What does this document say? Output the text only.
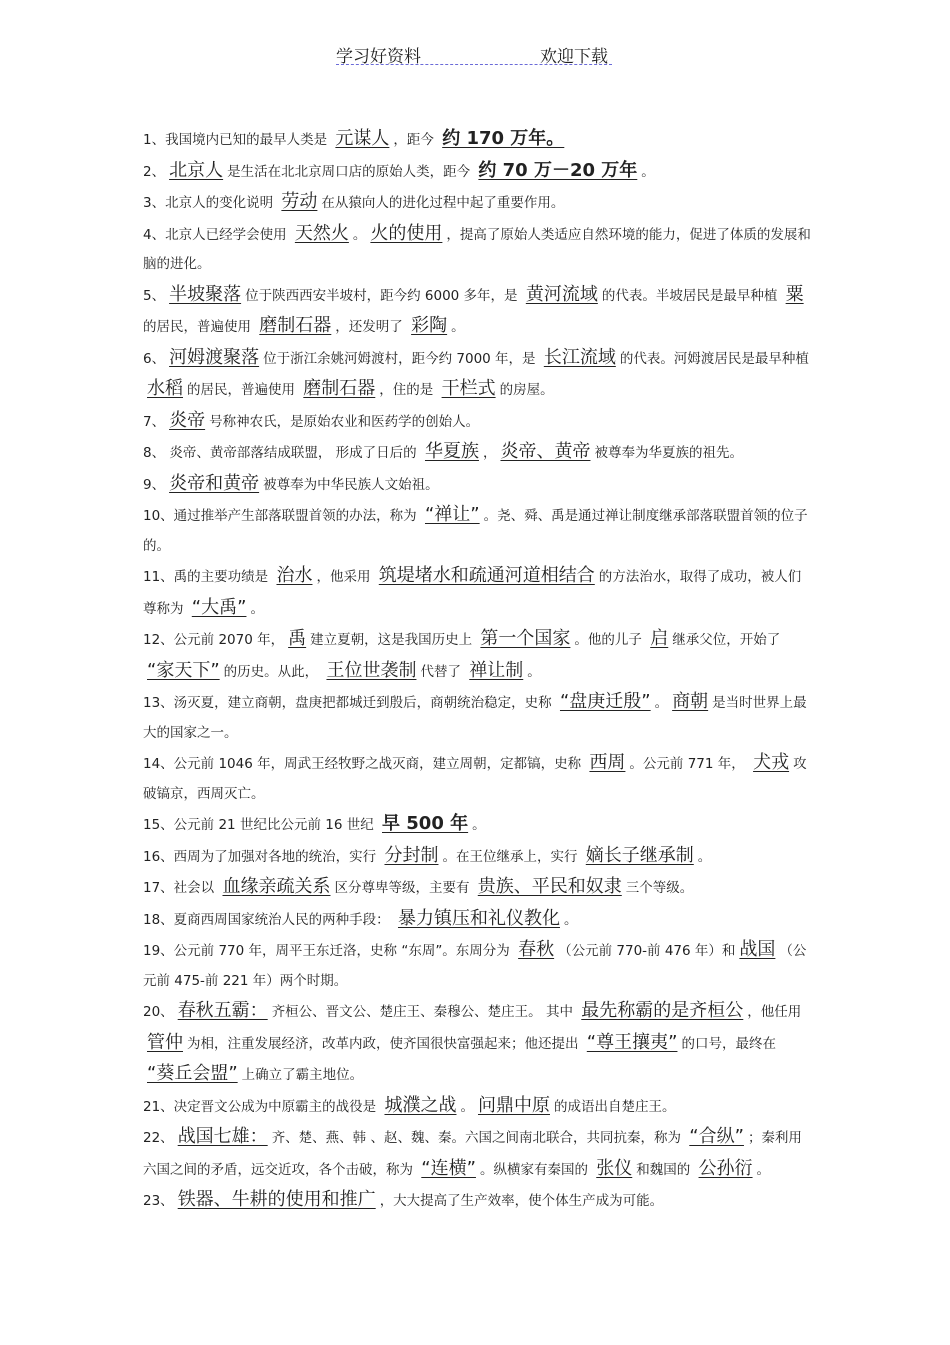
学习好资料	欢迎下载

1、我国境内已知的最早人类是 元谋人 ，距今 约 170 万年。

2、 北京人 是生活在北北京周口店的原始人类，距今 约 70 万－20 万年 。

3、北京人的变化说明 劳动 在从猿向人的进化过程中起了重要作用。

4、北京人已经学会使用 天然火 。 火的使用 ，提高了原始人类适应自然环境的能力，促进了体质的发展和脑的进化。

5、 半坡聚落 位于陕西西安半坡村，距今约 6000 多年，是 黄河流域 的代表。半坡居民是最早种植 粟的居民，普遍使用 磨制石器 ，还发明了 彩陶 。

6、 河姆渡聚落 位于浙江余姚河姆渡村，距今约 7000 年，是 长江流域 的代表。河姆渡居民是最早种植 水稻 的居民，普遍使用 磨制石器 ，住的是 干栏式 的房屋。

7、 炎帝 号称神农氏，是原始农业和医药学的创始人。

8、 炎帝、黄帝部落结成联盟， 形成了日后的 华夏族 ， 炎帝、黄帝 被尊奉为华夏族的祖先。

9、 炎帝和黄帝 被尊奉为中华民族人文始祖。

10、通过推举产生部落联盟首领的办法，称为 “禅让” 。尧、舜、禹是通过禅让制度继承部落联盟首领的位子的。

11、禹的主要功绩是 治水 ，他采用 筑堤堵水和疏通河道相结合 的方法治水，取得了成功，被人们尊称为 “大禹” 。

12、公元前 2070 年， 禹 建立夏朝，这是我国历史上 第一个国家 。他的儿子 启 继承父位，开始了 “家天下” 的历史。从此， 王位世袭制 代替了 禅让制 。

13、汤灭夏，建立商朝，盘庚把都城迁到殷后，商朝统治稳定，史称 “盘庚迁殷” 。 商朝 是当时世界上最大的国家之一。

14、公元前 1046 年，周武王经牧野之战灭商，建立周朝，定都镐，史称 西周 。公元前 771 年， 犬戎 攻破镐京，西周灭亡。

15、公元前 21 世纪比公元前 16 世纪 早 500 年 。

16、西周为了加强对各地的统治，实行 分封制 。在王位继承上，实行 嫡长子继承制 。

17、社会以 血缘亲疏关系 区分尊卑等级，主要有 贵族、平民和奴隶 三个等级。

18、夏商西周国家统治人民的两种手段： 暴力镇压和礼仪教化 。

19、公元前 770 年，周平王东迁洛，史称 “东周”。东周分为 春秋 （公元前 770-前 476 年）和 战国 （公元前 475-前 221 年）两个时期。

20、 春秋五霸： 齐桓公、晋文公、楚庄王、秦穆公、楚庄王。 其中 最先称霸的是齐桓公 ，他任用 管仲 为相，注重发展经济，改革内政，使齐国很快富强起来；他还提出 “尊王攘夷” 的口号，最终在 “葵丘会盟” 上确立了霸主地位。

21、决定晋文公成为中原霸主的战役是 城濮之战 。 问鼎中原 的成语出自楚庄王。

22、 战国七雄： 齐、楚、燕、韩 、赵、魏、秦。六国之间南北联合，共同抗秦，称为 “合纵” ；秦利用六国之间的矛盾，远交近攻，各个击破，称为 “连横” 。纵横家有秦国的 张仪 和魏国的 公孙衍 。

23、 铁器、牛耕的使用和推广 ，大大提高了生产效率，使个体生产成为可能。
